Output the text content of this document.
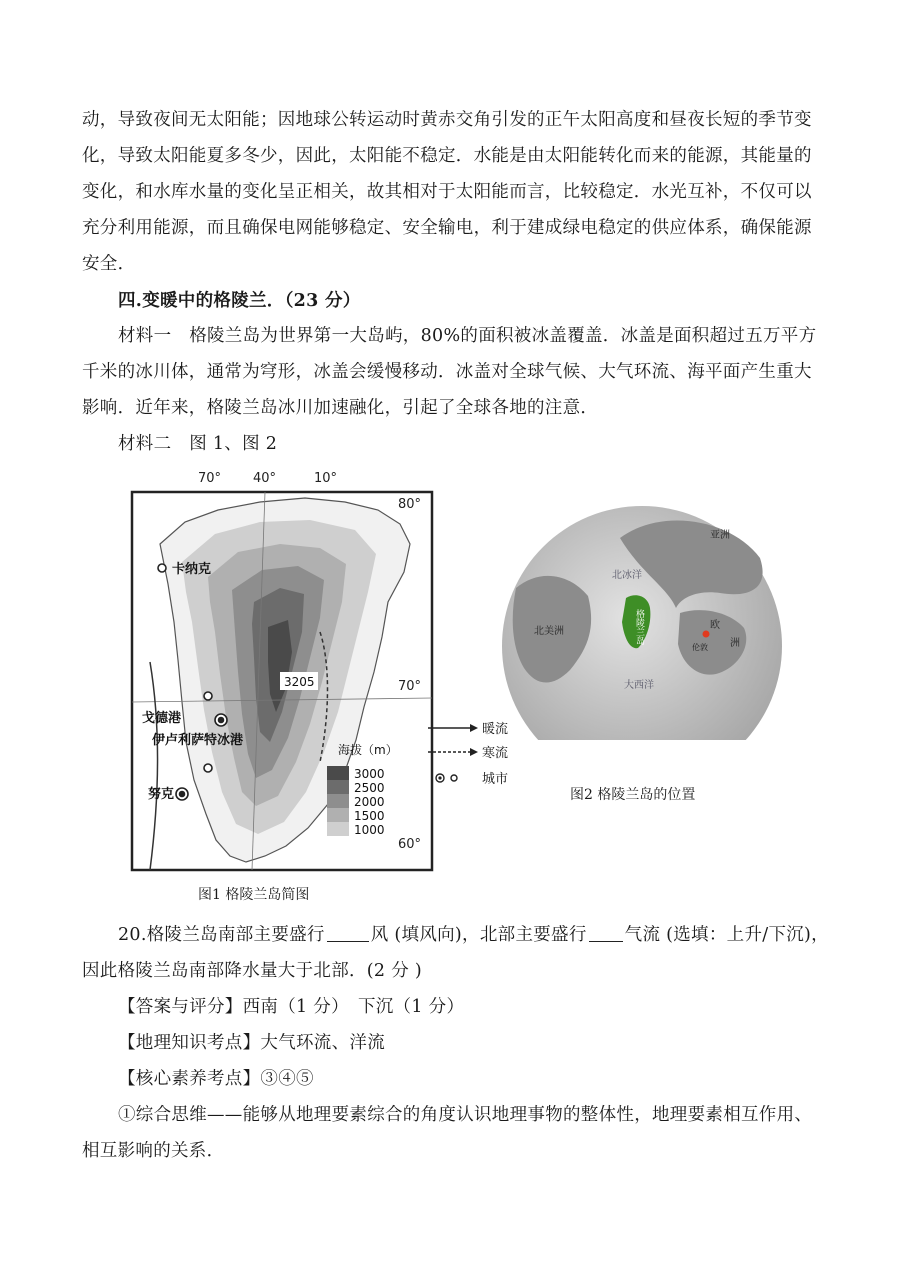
动，导致夜间无太阳能；因地球公转运动时黄赤交角引发的正午太阳高度和昼夜长短的季节变
化，导致太阳能夏多冬少，因此，太阳能不稳定．水能是由太阳能转化而来的能源，其能量的
变化，和水库水量的变化呈正相关，故其相对于太阳能而言，比较稳定．水光互补，不仅可以
充分利用能源，而且确保电网能够稳定、安全输电，利于建成绿电稳定的供应体系，确保能源
安全．
四.变暖中的格陵兰．（23 分）
材料一　格陵兰岛为世界第一大岛屿，80%的面积被冰盖覆盖．冰盖是面积超过五万平方
千米的冰川体，通常为穹形，冰盖会缓慢移动．冰盖对全球气候、大气环流、海平面产生重大
影响．近年来，格陵兰岛冰川加速融化，引起了全球各地的注意．
材料二　图 1、图 2
70° 40°	10°
80°
70°
60°
卡纳克
戈德港
伊卢利萨特冰港
努克
3205
海拔（m）
3000
2500
2000
1500
1000
图1 格陵兰岛简图
暖流
寒流
城市
亚洲
北冰洋
格陵兰岛	欧
洲
北美洲
大西洋
伦敦
图2 格陵兰岛的位置
20.格陵兰岛南部主要盛行	风 (填风向)，北部主要盛行 气流 (选填：上升/下沉)，
因此格陵兰岛南部降水量大于北部．(2 分 )
【答案与评分】西南（1 分）　下沉（1 分）
【地理知识考点】大气环流、洋流
【核心素养考点】③④⑤
①综合思维——能够从地理要素综合的角度认识地理事物的整体性，地理要素相互作用、
相互影响的关系．
